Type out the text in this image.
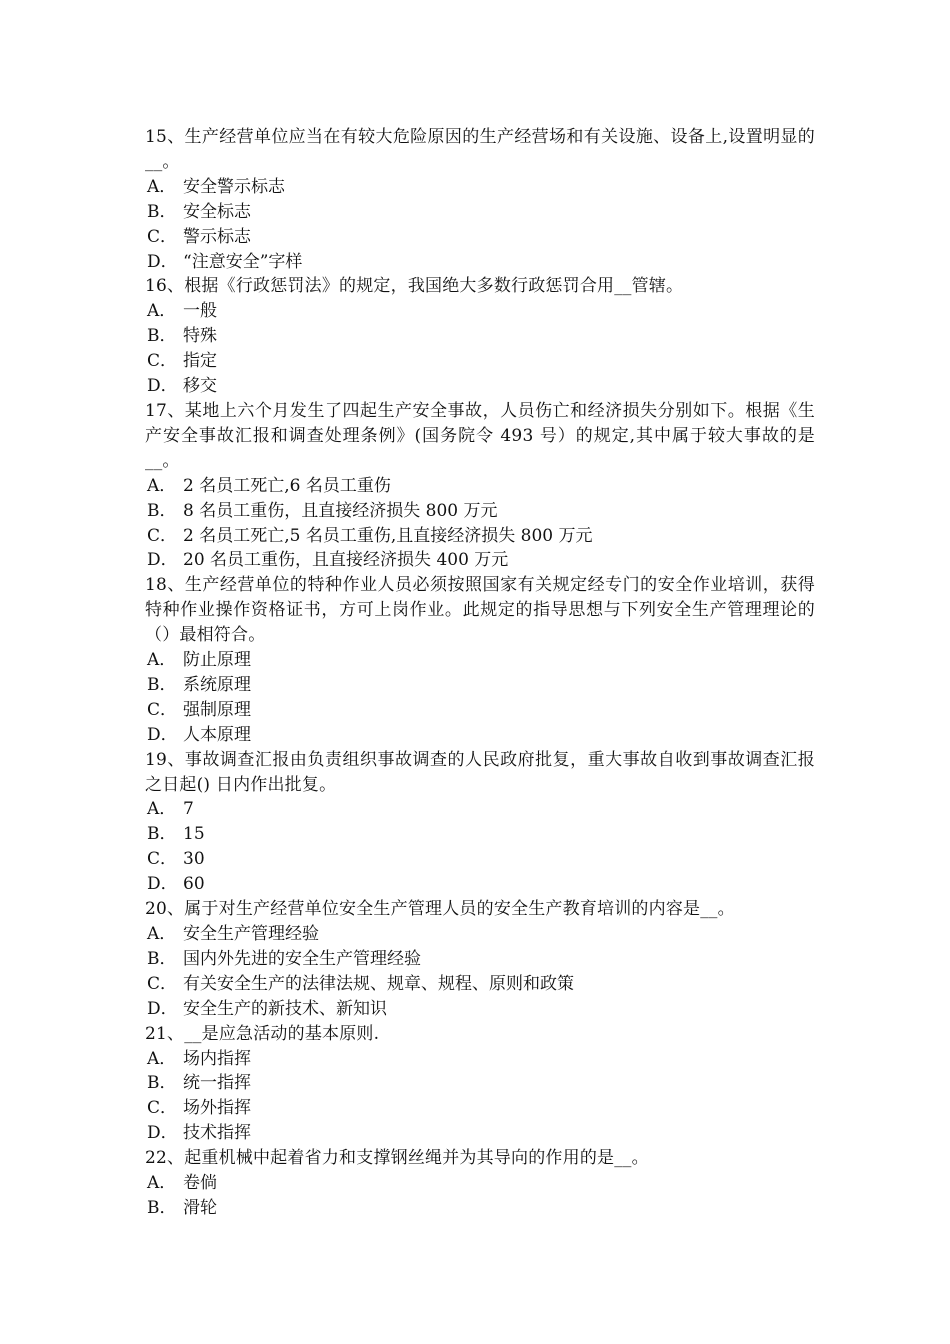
15、生产经营单位应当在有较大危险原因的生产经营场和有关设施、设备上,设置明显的__。

A． 安全警示标志
B． 安全标志
C． 警示标志
D． “注意安全”字样

16、根据《行政惩罚法》的规定，我国绝大多数行政惩罚合用__管辖。

A． 一般
B． 特殊
C． 指定
D． 移交

17、某地上六个月发生了四起生产安全事故，人员伤亡和经济损失分别如下。根据《生产安全事故汇报和调查处理条例》(国务院令 493 号）的规定,其中属于较大事故的是__。

A． 2 名员工死亡,6 名员工重伤
B． 8 名员工重伤，且直接经济损失 800 万元
C． 2 名员工死亡,5 名员工重伤,且直接经济损失 800 万元
D． 20 名员工重伤，且直接经济损失 400 万元

18、生产经营单位的特种作业人员必须按照国家有关规定经专门的安全作业培训，获得特种作业操作资格证书，方可上岗作业。此规定的指导思想与下列安全生产管理理论的（）最相符合。

A． 防止原理
B． 系统原理
C． 强制原理
D． 人本原理

19、事故调查汇报由负责组织事故调查的人民政府批复，重大事故自收到事故调查汇报之日起() 日内作出批复。

A． 7
B． 15
C． 30
D． 60

20、属于对生产经营单位安全生产管理人员的安全生产教育培训的内容是__。

A． 安全生产管理经验
B． 国内外先进的安全生产管理经验
C． 有关安全生产的法律法规、规章、规程、原则和政策
D． 安全生产的新技术、新知识

21、__是应急活动的基本原则.

A． 场内指挥
B． 统一指挥
C． 场外指挥
D． 技术指挥

22、起重机械中起着省力和支撑钢丝绳并为其导向的作用的是__。

A． 卷倘
B． 滑轮
